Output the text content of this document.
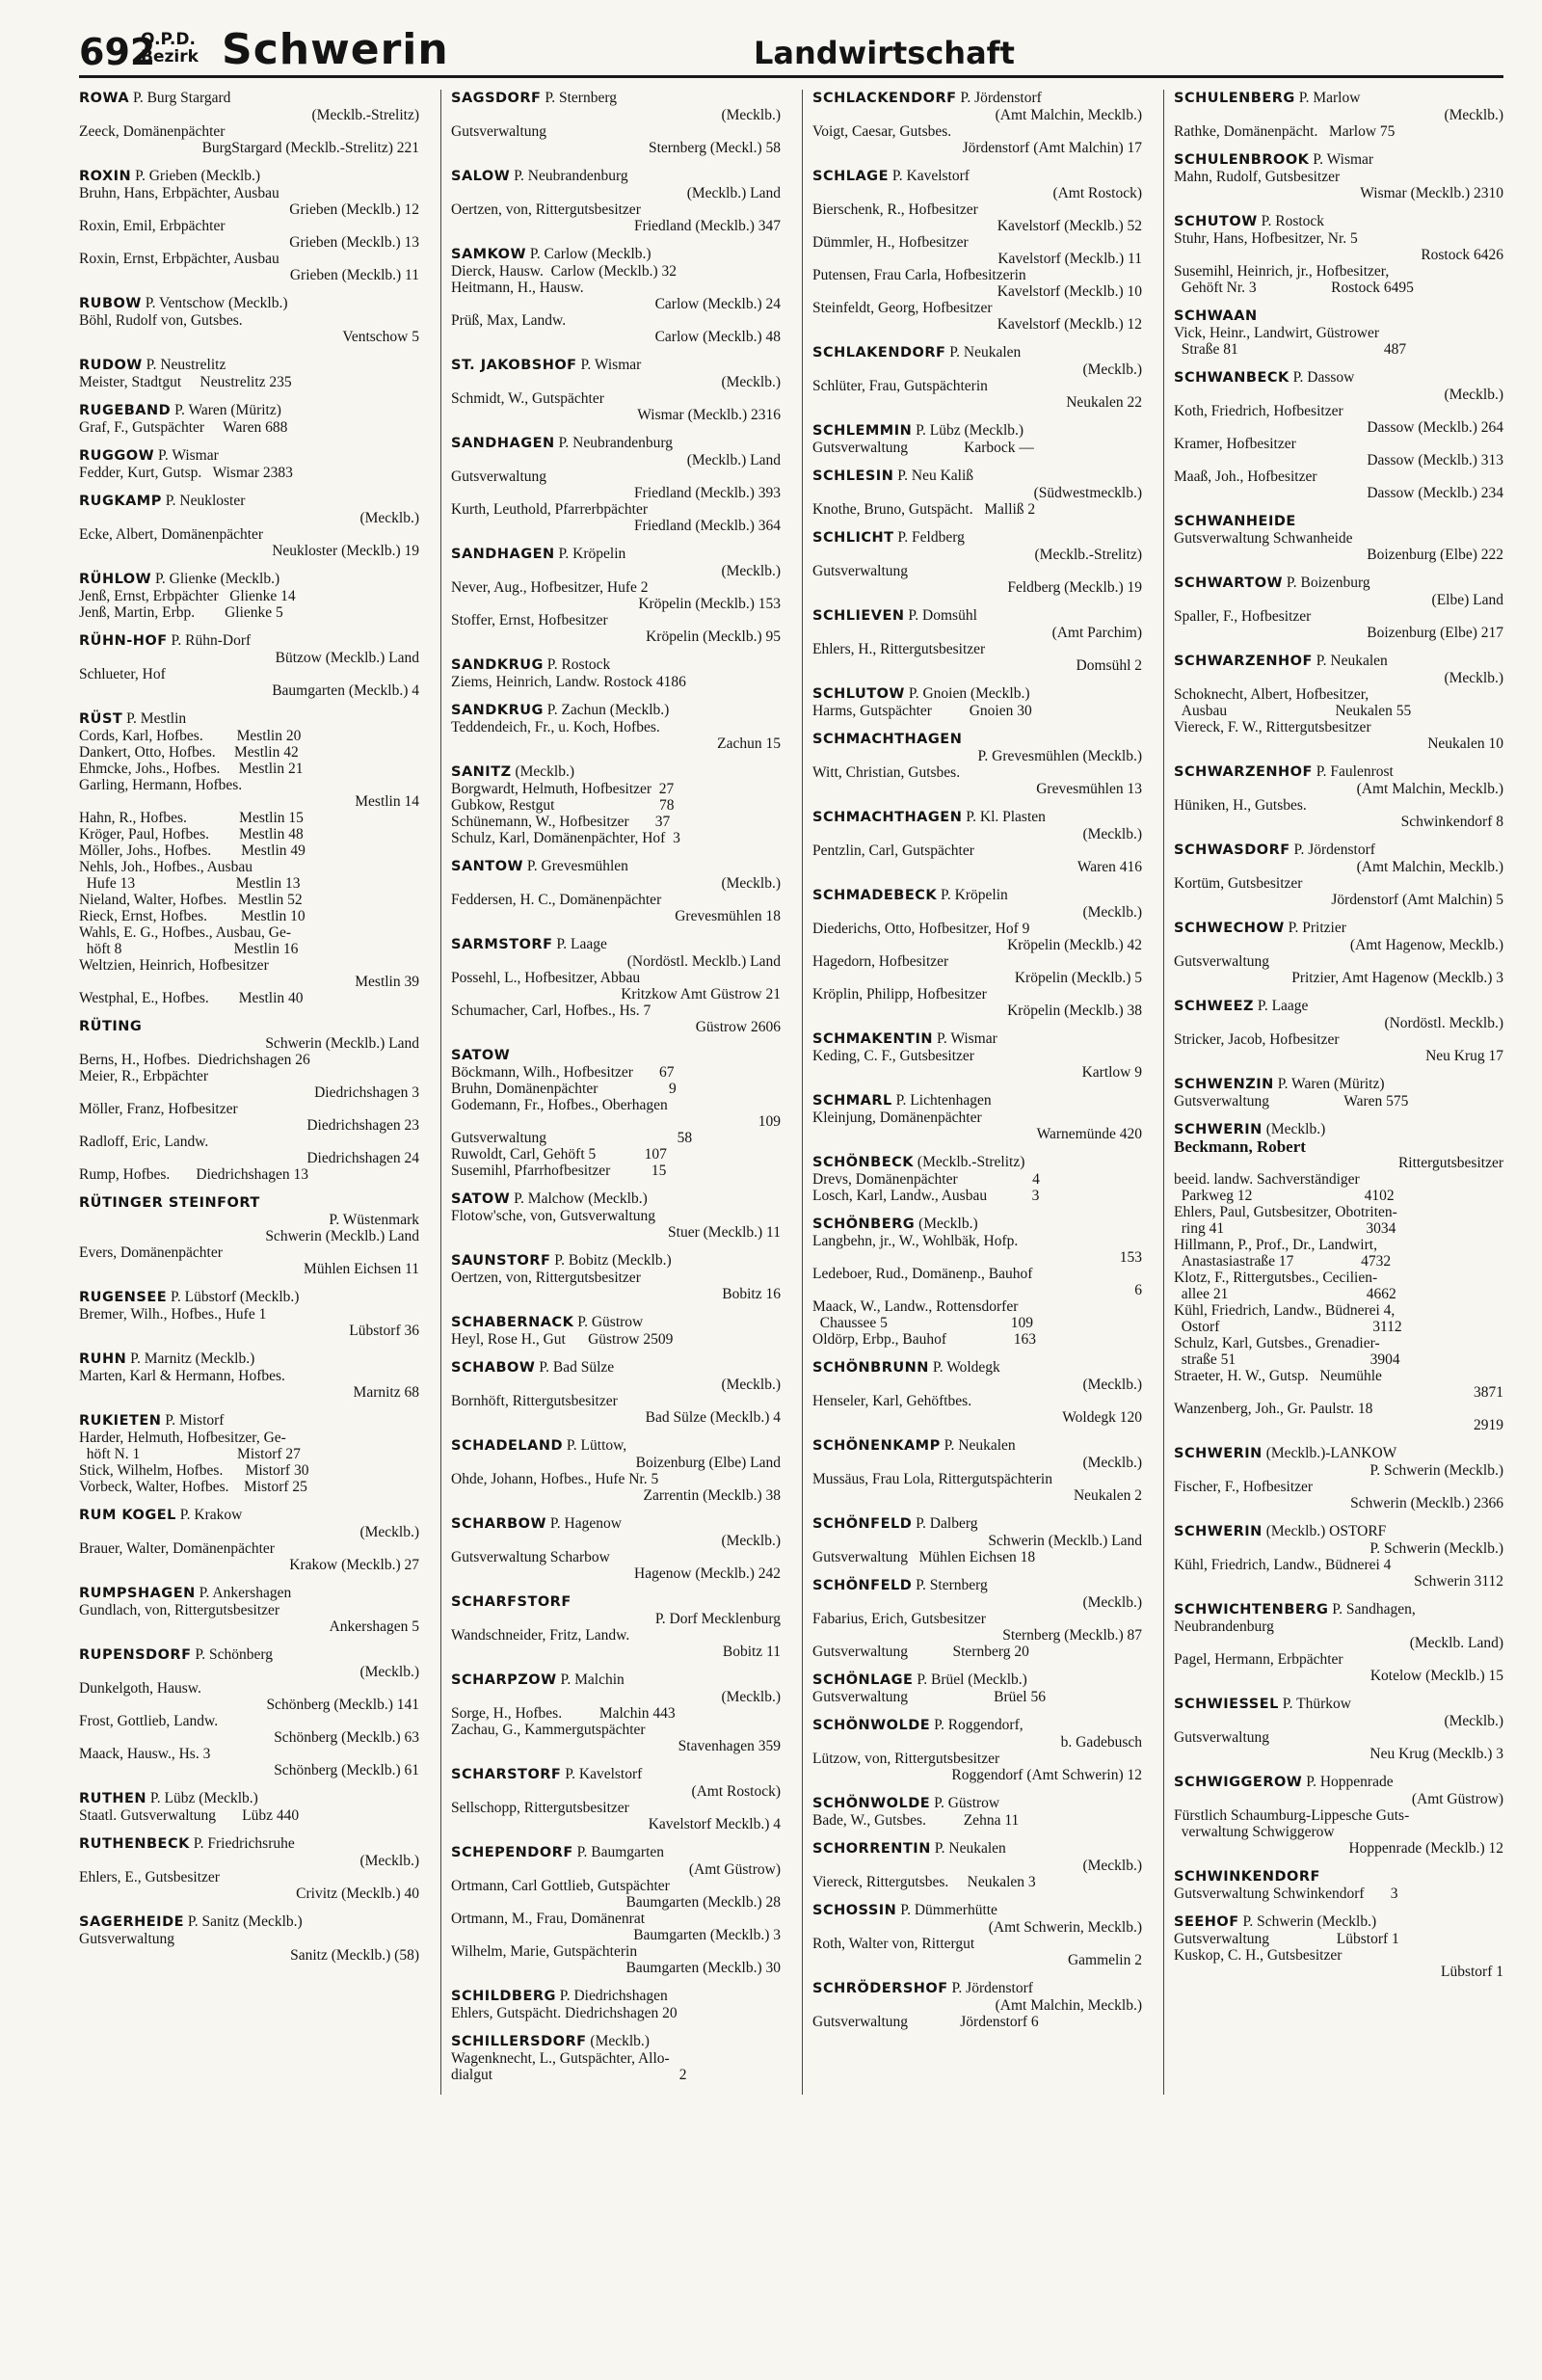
692
O.P.D.
Bezirk Schwerin	Landwirtschaft
ROWA P. Burg Stargard
(Mecklb.-Strelitz)
Zeeck, Domänenpächter
BurgStargard (Mecklb.-Strelitz) 221
ROXIN P. Grieben (Mecklb.)
Bruhn, Hans, Erbpächter, Ausbau
Grieben (Mecklb.) 12
Roxin, Emil, Erbpächter
Grieben (Mecklb.) 13
Roxin, Ernst, Erbpächter, Ausbau
Grieben (Mecklb.) 11
RUBOW P. Ventschow (Mecklb.)
Böhl, Rudolf von, Gutsbes.
Ventschow 5
RUDOW P. Neustrelitz
Meister, Stadtgut     Neustrelitz 235
RUGEBAND P. Waren (Müritz)
Graf, F., Gutspächter     Waren 688
RUGGOW P. Wismar
Fedder, Kurt, Gutsp.   Wismar 2383
RUGKAMP P. Neukloster
(Mecklb.)
Ecke, Albert, Domänenpächter
Neukloster (Mecklb.) 19
RÜHLOW P. Glienke (Mecklb.)
Jenß, Ernst, Erbpächter   Glienke 14
Jenß, Martin, Erbp.        Glienke 5
RÜHN-HOF P. Rühn-Dorf
Bützow (Mecklb.) Land
Schlueter, Hof
Baumgarten (Mecklb.) 4
RÜST P. Mestlin
Cords, Karl, Hofbes.         Mestlin 20
Dankert, Otto, Hofbes.     Mestlin 42
Ehmcke, Johs., Hofbes.     Mestlin 21
Garling, Hermann, Hofbes.
Mestlin 14
Hahn, R., Hofbes.              Mestlin 15
Kröger, Paul, Hofbes.        Mestlin 48
Möller, Johs., Hofbes.        Mestlin 49
Nehls, Joh., Hofbes., Ausbau
Hufe 13                           Mestlin 13
Nieland, Walter, Hofbes.   Mestlin 52
Rieck, Ernst, Hofbes.         Mestlin 10
Wahls, E. G., Hofbes., Ausbau, Ge-
höft 8                              Mestlin 16
Weltzien, Heinrich, Hofbesitzer
Mestlin 39
Westphal, E., Hofbes.        Mestlin 40
RÜTING
Schwerin (Mecklb.) Land
Berns, H., Hofbes.  Diedrichshagen 26
Meier, R., Erbpächter
Diedrichshagen 3
Möller, Franz, Hofbesitzer
Diedrichshagen 23
Radloff, Eric, Landw.
Diedrichshagen 24
Rump, Hofbes.       Diedrichshagen 13
RÜTINGER STEINFORT
P. Wüstenmark
Schwerin (Mecklb.) Land
Evers, Domänenpächter
Mühlen Eichsen 11
RUGENSEE P. Lübstorf (Mecklb.)
Bremer, Wilh., Hofbes., Hufe 1
Lübstorf 36
RUHN P. Marnitz (Mecklb.)
Marten, Karl & Hermann, Hofbes.
Marnitz 68
RUKIETEN P. Mistorf
Harder, Helmuth, Hofbesitzer, Ge-
höft N. 1                          Mistorf 27
Stick, Wilhelm, Hofbes.      Mistorf 30
Vorbeck, Walter, Hofbes.    Mistorf 25
RUM KOGEL P. Krakow
(Mecklb.)
Brauer, Walter, Domänenpächter
Krakow (Mecklb.) 27
RUMPSHAGEN P. Ankershagen
Gundlach, von, Rittergutsbesitzer
Ankershagen 5
RUPENSDORF P. Schönberg
(Mecklb.)
Dunkelgoth, Hausw.
Schönberg (Mecklb.) 141
Frost, Gottlieb, Landw.
Schönberg (Mecklb.) 63
Maack, Hausw., Hs. 3
Schönberg (Mecklb.) 61
RUTHEN P. Lübz (Mecklb.)
Staatl. Gutsverwaltung       Lübz 440
RUTHENBECK P. Friedrichsruhe
(Mecklb.)
Ehlers, E., Gutsbesitzer
Crivitz (Mecklb.) 40
SAGERHEIDE P. Sanitz (Mecklb.)
Gutsverwaltung
Sanitz (Mecklb.) (58)
SAGSDORF P. Sternberg
(Mecklb.)
Gutsverwaltung
Sternberg (Meckl.) 58
SALOW P. Neubrandenburg
(Mecklb.) Land
Oertzen, von, Rittergutsbesitzer
Friedland (Mecklb.) 347
SAMKOW P. Carlow (Mecklb.)
Dierck, Hausw.  Carlow (Mecklb.) 32
Heitmann, H., Hausw.
Carlow (Mecklb.) 24
Prüß, Max, Landw.
Carlow (Mecklb.) 48
ST. JAKOBSHOF P. Wismar
(Mecklb.)
Schmidt, W., Gutspächter
Wismar (Mecklb.) 2316
SANDHAGEN P. Neubrandenburg
(Mecklb.) Land
Gutsverwaltung
Friedland (Mecklb.) 393
Kurth, Leuthold, Pfarrerbpächter
Friedland (Mecklb.) 364
SANDHAGEN P. Kröpelin
(Mecklb.)
Never, Aug., Hofbesitzer, Hufe 2
Kröpelin (Mecklb.) 153
Stoffer, Ernst, Hofbesitzer
Kröpelin (Mecklb.) 95
SANDKRUG P. Rostock
Ziems, Heinrich, Landw. Rostock 4186
SANDKRUG P. Zachun (Mecklb.)
Teddendeich, Fr., u. Koch, Hofbes.
Zachun 15
SANITZ (Mecklb.)
Borgwardt, Helmuth, Hofbesitzer  27
Gubkow, Restgut                            78
Schünemann, W., Hofbesitzer       37
Schulz, Karl, Domänenpächter, Hof  3
SANTOW P. Grevesmühlen
(Mecklb.)
Feddersen, H. C., Domänenpächter
Grevesmühlen 18
SARMSTORF P. Laage
(Nordöstl. Mecklb.) Land
Possehl, L., Hofbesitzer, Abbau
Kritzkow Amt Güstrow 21
Schumacher, Carl, Hofbes., Hs. 7
Güstrow 2606
SATOW
Böckmann, Wilh., Hofbesitzer       67
Bruhn, Domänenpächter                   9
Godemann, Fr., Hofbes., Oberhagen
109
Gutsverwaltung                                   58
Ruwoldt, Carl, Gehöft 5             107
Susemihl, Pfarrhofbesitzer           15
SATOW P. Malchow (Mecklb.)
Flotow'sche, von, Gutsverwaltung
Stuer (Mecklb.) 11
SAUNSTORF P. Bobitz (Mecklb.)
Oertzen, von, Rittergutsbesitzer
Bobitz 16
SCHABERNACK P. Güstrow
Heyl, Rose H., Gut      Güstrow 2509
SCHABOW P. Bad Sülze
(Mecklb.)
Bornhöft, Rittergutsbesitzer
Bad Sülze (Mecklb.) 4
SCHADELAND P. Lüttow,
Boizenburg (Elbe) Land
Ohde, Johann, Hofbes., Hufe Nr. 5
Zarrentin (Mecklb.) 38
SCHARBOW P. Hagenow
(Mecklb.)
Gutsverwaltung Scharbow
Hagenow (Mecklb.) 242
SCHARFSTORF
P. Dorf Mecklenburg
Wandschneider, Fritz, Landw.
Bobitz 11
SCHARPZOW P. Malchin
(Mecklb.)
Sorge, H., Hofbes.          Malchin 443
Zachau, G., Kammergutspächter
Stavenhagen 359
SCHARSTORF P. Kavelstorf
(Amt Rostock)
Sellschopp, Rittergutsbesitzer
Kavelstorf Mecklb.) 4
SCHEPENDORF P. Baumgarten
(Amt Güstrow)
Ortmann, Carl Gottlieb, Gutspächter
Baumgarten (Mecklb.) 28
Ortmann, M., Frau, Domänenrat
Baumgarten (Mecklb.) 3
Wilhelm, Marie, Gutspächterin
Baumgarten (Mecklb.) 30
SCHILDBERG P. Diedrichshagen
Ehlers, Gutspächt. Diedrichshagen 20
SCHILLERSDORF (Mecklb.)
Wagenknecht, L., Gutspächter, Allo-
dialgut                                                  2
SCHLACKENDORF P. Jördenstorf
(Amt Malchin, Mecklb.)
Voigt, Caesar, Gutsbes.
Jördenstorf (Amt Malchin) 17
SCHLAGE P. Kavelstorf
(Amt Rostock)
Bierschenk, R., Hofbesitzer
Kavelstorf (Mecklb.) 52
Dümmler, H., Hofbesitzer
Kavelstorf (Mecklb.) 11
Putensen, Frau Carla, Hofbesitzerin
Kavelstorf (Mecklb.) 10
Steinfeldt, Georg, Hofbesitzer
Kavelstorf (Mecklb.) 12
SCHLAKENDORF P. Neukalen
(Mecklb.)
Schlüter, Frau, Gutspächterin
Neukalen 22
SCHLEMMIN P. Lübz (Mecklb.)
Gutsverwaltung               Karbock —
SCHLESIN P. Neu Kaliß
(Südwestmecklb.)
Knothe, Bruno, Gutspächt.   Malliß 2
SCHLICHT P. Feldberg
(Mecklb.-Strelitz)
Gutsverwaltung
Feldberg (Mecklb.) 19
SCHLIEVEN P. Domsühl
(Amt Parchim)
Ehlers, H., Rittergutsbesitzer
Domsühl 2
SCHLUTOW P. Gnoien (Mecklb.)
Harms, Gutspächter          Gnoien 30
SCHMACHTHAGEN
P. Grevesmühlen (Mecklb.)
Witt, Christian, Gutsbes.
Grevesmühlen 13
SCHMACHTHAGEN P. Kl. Plasten
(Mecklb.)
Pentzlin, Carl, Gutspächter
Waren 416
SCHMADEBECK P. Kröpelin
(Mecklb.)
Diederichs, Otto, Hofbesitzer, Hof 9
Kröpelin (Mecklb.) 42
Hagedorn, Hofbesitzer
Kröpelin (Mecklb.) 5
Kröplin, Philipp, Hofbesitzer
Kröpelin (Mecklb.) 38
SCHMAKENTIN P. Wismar
Keding, C. F., Gutsbesitzer
Kartlow 9
SCHMARL P. Lichtenhagen
Kleinjung, Domänenpächter
Warnemünde 420
SCHÖNBECK (Mecklb.-Strelitz)
Drevs, Domänenpächter                    4
Losch, Karl, Landw., Ausbau            3
SCHÖNBERG (Mecklb.)
Langbehn, jr., W., Wohlbäk, Hofp.
153
Ledeboer, Rud., Domänenp., Bauhof
6
Maack, W., Landw., Rottensdorfer
Chaussee 5                                 109
Oldörp, Erbp., Bauhof                  163
SCHÖNBRUNN P. Woldegk
(Mecklb.)
Henseler, Karl, Gehöftbes.
Woldegk 120
SCHÖNENKAMP P. Neukalen
(Mecklb.)
Mussäus, Frau Lola, Rittergutspächterin
Neukalen 2
SCHÖNFELD P. Dalberg
Schwerin (Mecklb.) Land
Gutsverwaltung   Mühlen Eichsen 18
SCHÖNFELD P. Sternberg
(Mecklb.)
Fabarius, Erich, Gutsbesitzer
Sternberg (Mecklb.) 87
Gutsverwaltung            Sternberg 20
SCHÖNLAGE P. Brüel (Mecklb.)
Gutsverwaltung                       Brüel 56
SCHÖNWOLDE P. Roggendorf,
b. Gadebusch
Lützow, von, Rittergutsbesitzer
Roggendorf (Amt Schwerin) 12
SCHÖNWOLDE P. Güstrow
Bade, W., Gutsbes.          Zehna 11
SCHORRENTIN P. Neukalen
(Mecklb.)
Viereck, Rittergutsbes.     Neukalen 3
SCHOSSIN P. Dümmerhütte
(Amt Schwerin, Mecklb.)
Roth, Walter von, Rittergut
Gammelin 2
SCHRÖDERSHOF P. Jördenstorf
(Amt Malchin, Mecklb.)
Gutsverwaltung              Jördenstorf 6
SCHULENBERG P. Marlow
(Mecklb.)
Rathke, Domänenpächt.   Marlow 75
SCHULENBROOK P. Wismar
Mahn, Rudolf, Gutsbesitzer
Wismar (Mecklb.) 2310
SCHUTOW P. Rostock
Stuhr, Hans, Hofbesitzer, Nr. 5
Rostock 6426
Susemihl, Heinrich, jr., Hofbesitzer,
Gehöft Nr. 3                    Rostock 6495
SCHWAAN
Vick, Heinr., Landwirt, Güstrower
Straße 81                                       487
SCHWANBECK P. Dassow
(Mecklb.)
Koth, Friedrich, Hofbesitzer
Dassow (Mecklb.) 264
Kramer, Hofbesitzer
Dassow (Mecklb.) 313
Maaß, Joh., Hofbesitzer
Dassow (Mecklb.) 234
SCHWANHEIDE
Gutsverwaltung Schwanheide
Boizenburg (Elbe) 222
SCHWARTOW P. Boizenburg
(Elbe) Land
Spaller, F., Hofbesitzer
Boizenburg (Elbe) 217
SCHWARZENHOF P. Neukalen
(Mecklb.)
Schoknecht, Albert, Hofbesitzer,
Ausbau                             Neukalen 55
Viereck, F. W., Rittergutsbesitzer
Neukalen 10
SCHWARZENHOF P. Faulenrost
(Amt Malchin, Mecklb.)
Hüniken, H., Gutsbes.
Schwinkendorf 8
SCHWASDORF P. Jördenstorf
(Amt Malchin, Mecklb.)
Kortüm, Gutsbesitzer
Jördenstorf (Amt Malchin) 5
SCHWECHOW P. Pritzier
(Amt Hagenow, Mecklb.)
Gutsverwaltung
Pritzier, Amt Hagenow (Mecklb.) 3
SCHWEEZ P. Laage
(Nordöstl. Mecklb.)
Stricker, Jacob, Hofbesitzer
Neu Krug 17
SCHWENZIN P. Waren (Müritz)
Gutsverwaltung                    Waren 575
SCHWERIN (Mecklb.)
Beckmann, Robert
Rittergutsbesitzer
beeid. landw. Sachverständiger
Parkweg 12                              4102
Ehlers, Paul, Gutsbesitzer, Obotriten-
ring 41                                      3034
Hillmann, P., Prof., Dr., Landwirt,
Anastasiastraße 17                  4732
Klotz, F., Rittergutsbes., Cecilien-
allee 21                                     4662
Kühl, Friedrich, Landw., Büdnerei 4,
Ostorf                                         3112
Schulz, Karl, Gutsbes., Grenadier-
straße 51                                    3904
Straeter, H. W., Gutsp.   Neumühle
3871
Wanzenberg, Joh., Gr. Paulstr. 18
2919
SCHWERIN (Mecklb.)-LANKOW
P. Schwerin (Mecklb.)
Fischer, F., Hofbesitzer
Schwerin (Mecklb.) 2366
SCHWERIN (Mecklb.) OSTORF
P. Schwerin (Mecklb.)
Kühl, Friedrich, Landw., Büdnerei 4
Schwerin 3112
SCHWICHTENBERG P. Sandhagen, Neubrandenburg
(Mecklb. Land)
Pagel, Hermann, Erbpächter
Kotelow (Mecklb.) 15
SCHWIESSEL P. Thürkow
(Mecklb.)
Gutsverwaltung
Neu Krug (Mecklb.) 3
SCHWIGGEROW P. Hoppenrade
(Amt Güstrow)
Fürstlich Schaumburg-Lippesche Guts-
verwaltung Schwiggerow
Hoppenrade (Mecklb.) 12
SCHWINKENDORF
Gutsverwaltung Schwinkendorf       3
SEEHOF P. Schwerin (Mecklb.)
Gutsverwaltung                  Lübstorf 1
Kuskop, C. H., Gutsbesitzer
Lübstorf 1
